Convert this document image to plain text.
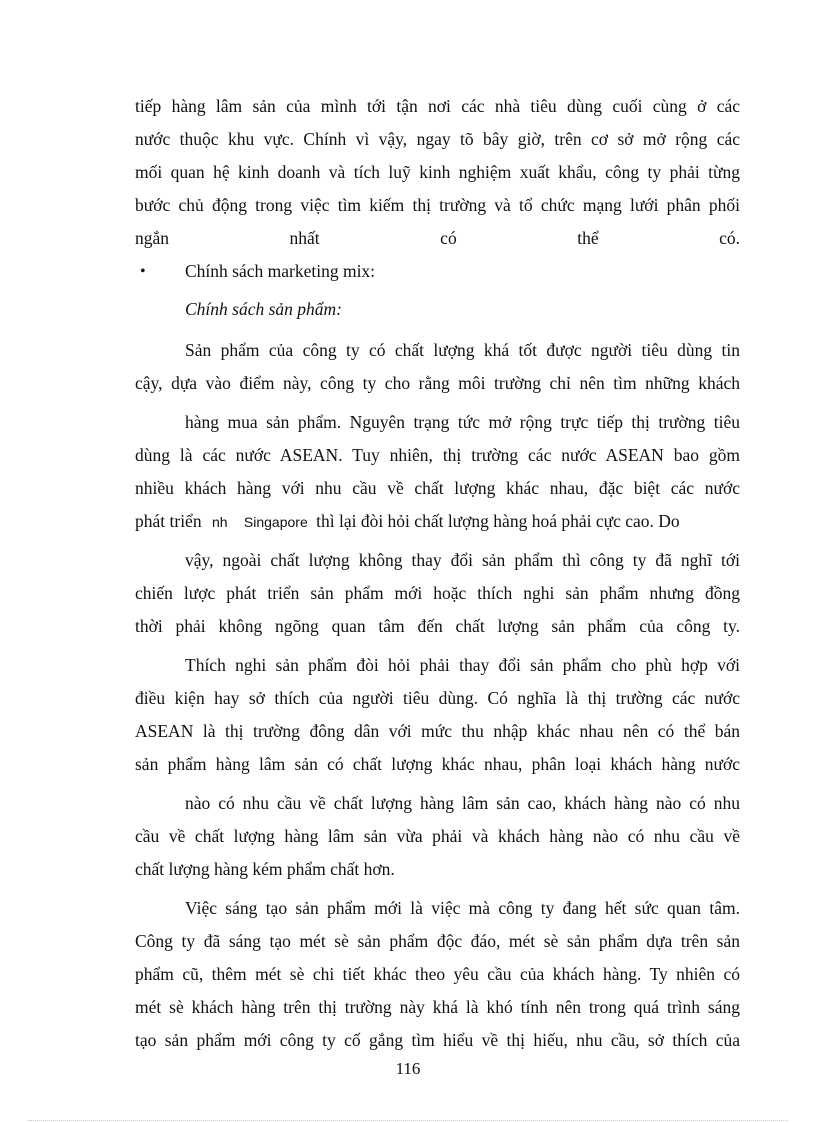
tiếp hàng lâm sản của mình tới tận nơi các nhà tiêu dùng cuối cùng ở các
nước thuộc khu vực. Chính vì vậy, ngay tõ bây giờ, trên cơ sở mở rộng các
mối quan hệ kinh doanh và tích luỹ kinh nghiệm xuất khẩu, công ty phải từng
bước chủ động trong việc tìm kiếm thị trường và tổ chức mạng lưới phân phối
ngắn nhất có thể có.
• Chính sách marketing mix:
Chính sách sản phẩm:
Sản phẩm của công ty có chất lượng khá tốt được người tiêu dùng tin
cậy, dựa vào điểm này, công ty cho rằng môi trường chỉ nên tìm những khách
hàng mua sản phẩm. Nguyên trạng tức mở rộng trực tiếp thị trường tiêu
dùng là các nước ASEAN. Tuy nhiên, thị trường các nước ASEAN bao gồm
nhiều khách hàng với nhu cầu về chất lượng khác nhau, đặc biệt các nước
phát triển nh Singapore thì lại đòi hỏi chất lượng hàng hoá phải cực cao. Do
vậy, ngoài chất lượng không thay đổi sản phẩm thì công ty đã nghĩ tới
chiến lược phát triển sản phẩm mới hoặc thích nghi sản phẩm nhưng đồng
thời phải không ngõng quan tâm đến chất lượng sản phẩm của công ty.
Thích nghi sản phẩm đòi hỏi phải thay đổi sản phẩm cho phù hợp với
điều kiện hay sở thích của người tiêu dùng. Có nghĩa là thị trường các nước
ASEAN là thị trường đông dân với mức thu nhập khác nhau nên có thể bán
sản phẩm hàng lâm sản có chất lượng khác nhau, phân loại khách hàng nước
nào có nhu cầu về chất lượng hàng lâm sản cao, khách hàng nào có nhu
cầu về chất lượng hàng lâm sản vừa phải và khách hàng nào có nhu cầu về
chất lượng hàng kém phẩm chất hơn.
Việc sáng tạo sản phẩm mới là việc mà công ty đang hết sức quan tâm.
Công ty đã sáng tạo mét sè sản phẩm độc đáo, mét sè sản phẩm dựa trên sản
phẩm cũ, thêm mét sè chi tiết khác theo yêu cầu của khách hàng. Ty nhiên có
mét sè khách hàng trên thị trường này khá là khó tính nên trong quá trình sáng
tạo sản phẩm mới công ty cố gắng tìm hiểu về thị hiếu, nhu cầu, sở thích của
116
